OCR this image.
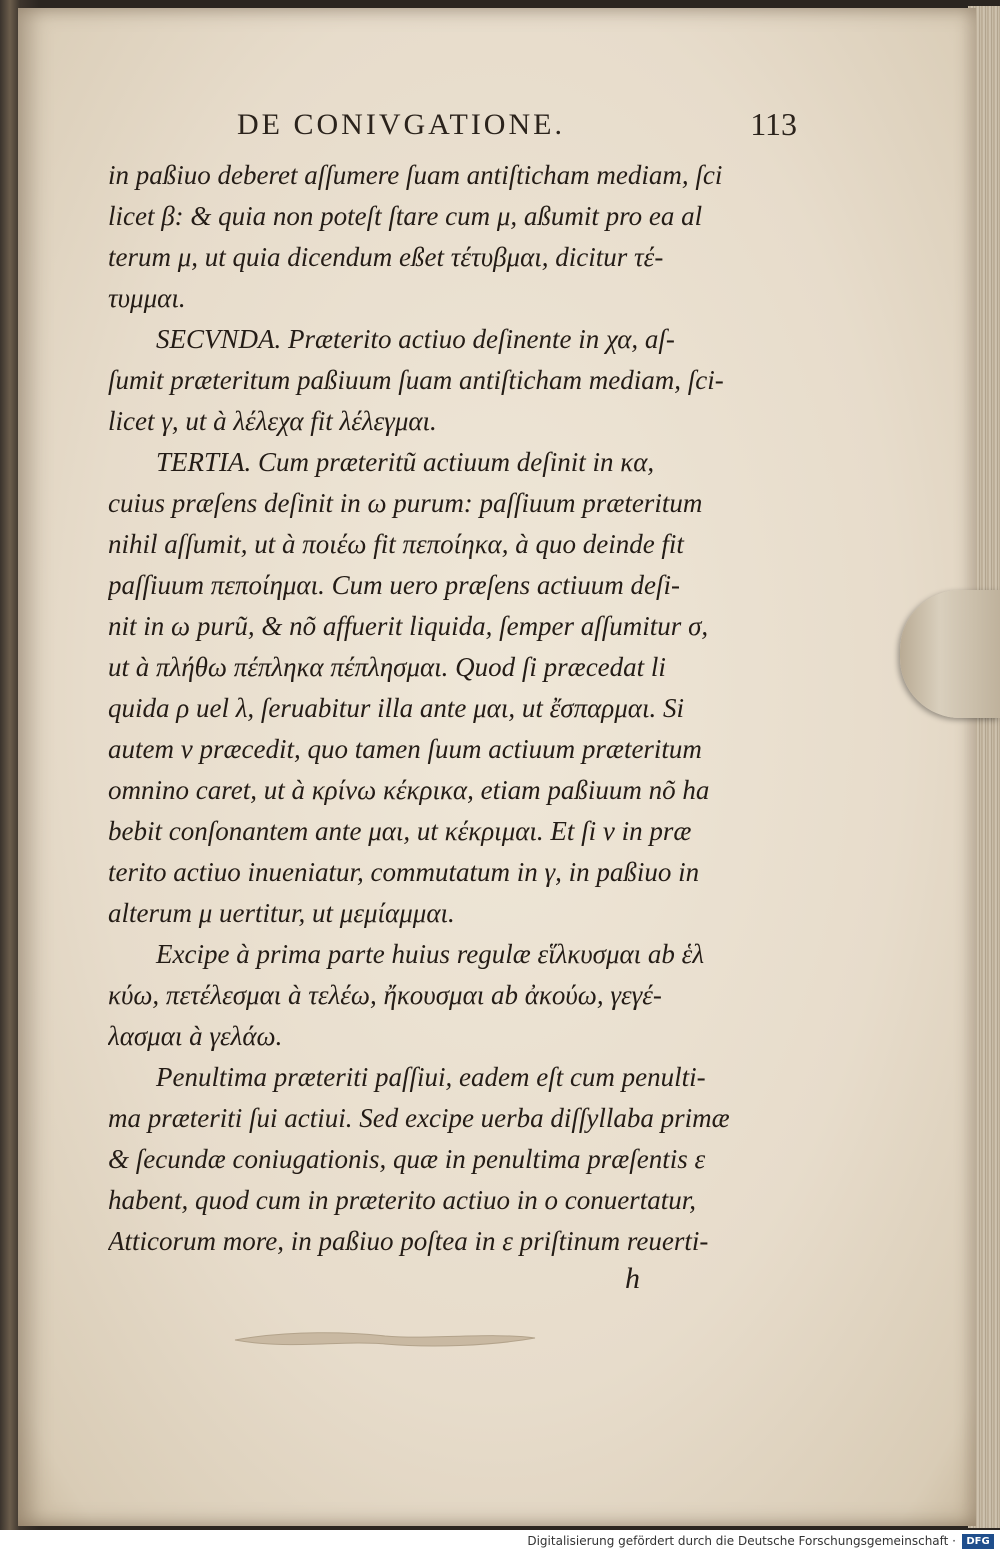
DE CONIVGATIONE.	113
in paßiuo deberet aſſumere ſuam antiſticham mediam, ſci
licet β: & quia non poteſt ſtare cum μ, aßumit pro ea al
terum μ, ut quia dicendum eßet τέτυβμαι, dicitur τέ-
τυμμαι.
SECVNDA. Præterito actiuo deſinente in χα, aſ-
ſumit præteritum paßiuum ſuam antiſticham mediam, ſci-
licet γ, ut à λέλεχα fit λέλεγμαι.
TERTIA. Cum præteritũ actiuum deſinit in κα,
cuius præſens deſinit in ω purum: paſſiuum præteritum
nihil aſſumit, ut à ποιέω fit πεποίηκα, à quo deinde fit
paſſiuum πεποίημαι. Cum uero præſens actiuum deſi-
nit in ω purũ, & nõ affuerit liquida, ſemper aſſumitur σ,
ut à πλήθω πέπληκα πέπλησμαι. Quod ſi præcedat li
quida ρ uel λ, ſeruabitur illa ante μαι, ut ἔσπαρμαι. Si
autem ν præcedit, quo tamen ſuum actiuum præteritum
omnino caret, ut à κρίνω κέκρικα, etiam paßiuum nõ ha
bebit conſonantem ante μαι, ut κέκριμαι. Et ſi ν in præ
terito actiuo inueniatur, commutatum in γ, in paßiuo in
alterum μ uertitur, ut μεμίαμμαι.
Excipe à prima parte huius regulæ εἵλκυσμαι ab ἑλ
κύω, πετέλεσμαι à τελέω, ἤκουσμαι ab ἀκούω, γεγέ-
λασμαι à γελάω.
Penultima præteriti paſſiui, eadem eſt cum penulti-
ma præteriti ſui actiui. Sed excipe uerba diſſyllaba primæ
& ſecundæ coniugationis, quæ in penultima præſentis ε
habent, quod cum in præterito actiuo in ο conuertatur,
Atticorum more, in paßiuo poſtea in ε priſtinum reuerti-
h
Digitalisierung gefördert durch die Deutsche Forschungsgemeinschaft ·	DFG
